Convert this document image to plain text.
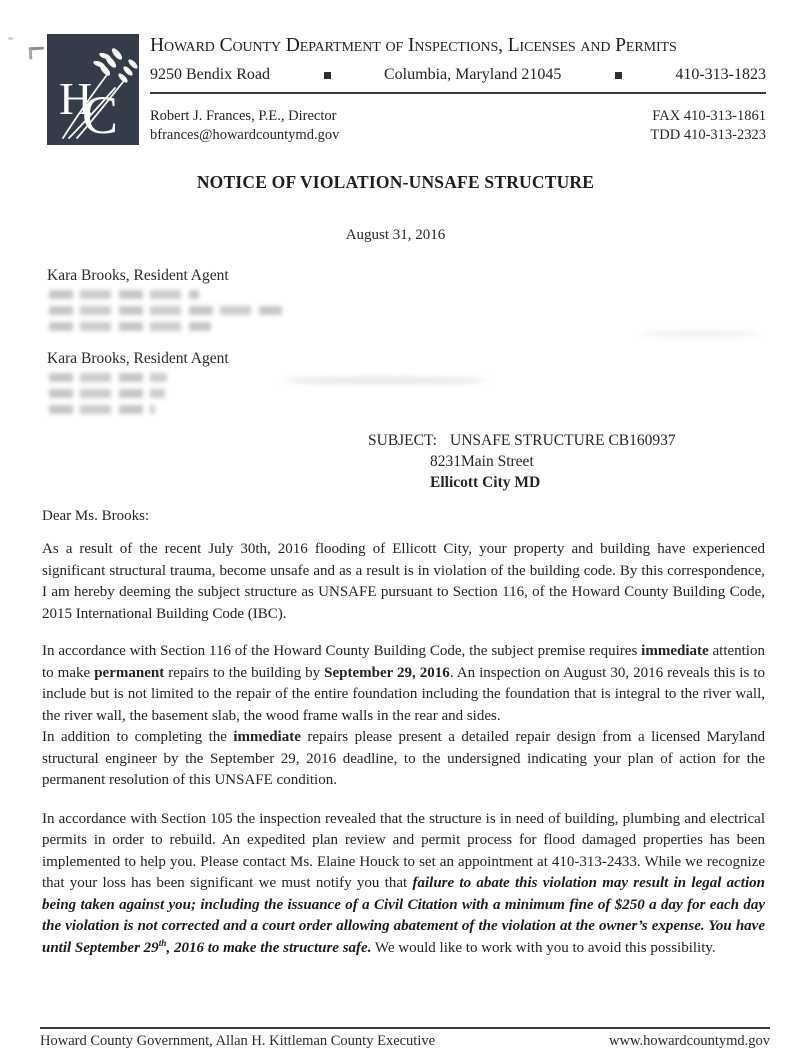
H
C
Howard County Department of Inspections, Licenses and Permits
9250 Bendix Road	Columbia, Maryland 21045	410-313-1823
Robert J. Frances, P.E., Director
bfrances@howardcountymd.gov
FAX 410-313-1861
TDD 410-313-2323
NOTICE OF VIOLATION-UNSAFE STRUCTURE
August 31, 2016
Kara Brooks, Resident Agent
Kara Brooks, Resident Agent
SUBJECT: UNSAFE STRUCTURE CB160937
8231Main Street
Ellicott City MD
Dear Ms. Brooks:

As a result of the recent July 30th, 2016 flooding of Ellicott City, your property and building have experienced significant structural trauma, become unsafe and as a result is in violation of the building code. By this correspondence, I am hereby deeming the subject structure as UNSAFE pursuant to Section 116, of the Howard County Building Code, 2015 International Building Code (IBC).

In accordance with Section 116 of the Howard County Building Code, the subject premise requires immediate attention to make permanent repairs to the building by September 29, 2016. An inspection on August 30, 2016 reveals this is to include but is not limited to the repair of the entire foundation including the foundation that is integral to the river wall, the river wall, the basement slab, the wood frame walls in the rear and sides.

In addition to completing the immediate repairs please present a detailed repair design from a licensed Maryland structural engineer by the September 29, 2016 deadline, to the undersigned indicating your plan of action for the permanent resolution of this UNSAFE condition.

In accordance with Section 105 the inspection revealed that the structure is in need of building, plumbing and electrical permits in order to rebuild. An expedited plan review and permit process for flood damaged properties has been implemented to help you. Please contact Ms. Elaine Houck to set an appointment at 410-313-2433. While we recognize that your loss has been significant we must notify you that failure to abate this violation may result in legal action being taken against you; including the issuance of a Civil Citation with a minimum fine of $250 a day for each day the violation is not corrected and a court order allowing abatement of the violation at the owner’s expense. You have until September 29th, 2016 to make the structure safe. We would like to work with you to avoid this possibility.

Howard County Government, Allan H. Kittleman County Executive	www.howardcountymd.gov
